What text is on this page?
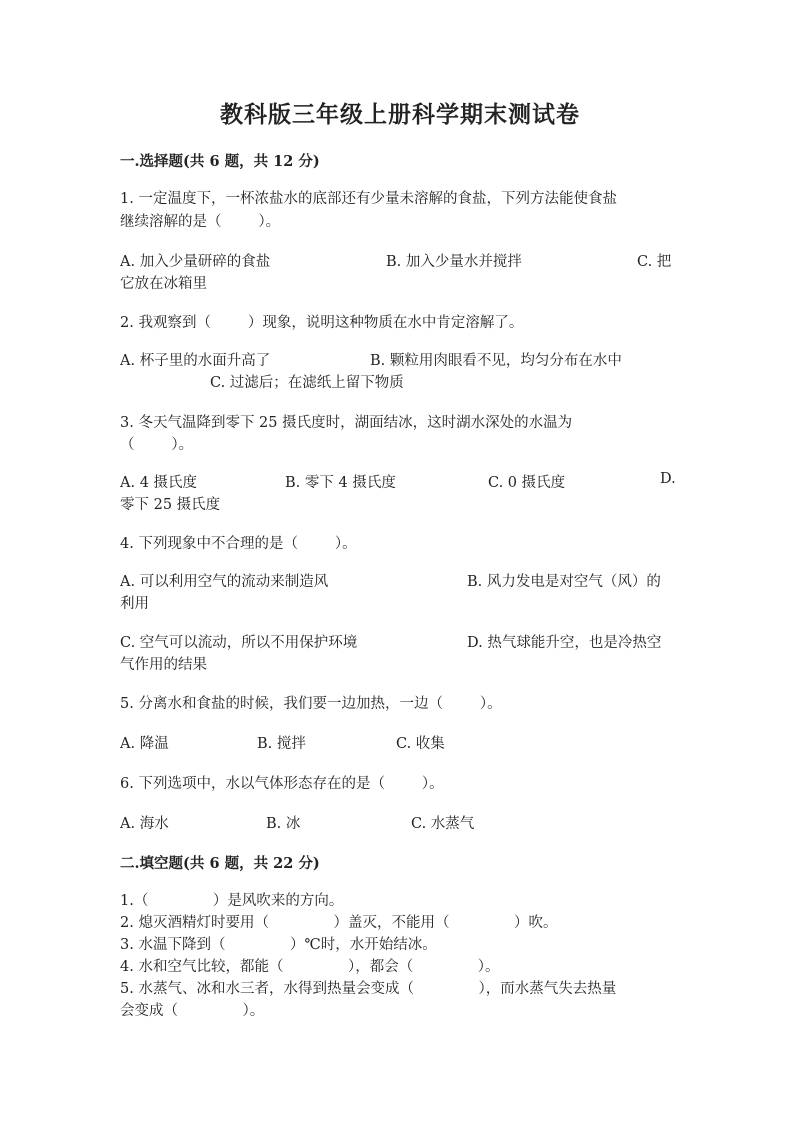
教科版三年级上册科学期末测试卷
一.选择题(共 6 题，共 12 分)
1. 一定温度下，一杯浓盐水的底部还有少量未溶解的食盐，下列方法能使食盐
继续溶解的是（        ）。
A. 加入少量研碎的食盐	B. 加入少量水并搅拌	C. 把
它放在冰箱里
2. 我观察到（        ）现象，说明这种物质在水中肯定溶解了。
A. 杯子里的水面升高了	B. 颗粒用肉眼看不见，均匀分布在水中
C. 过滤后；在滤纸上留下物质
3. 冬天气温降到零下 25 摄氏度时，湖面结冰，这时湖水深处的水温为
（        ）。
A. 4 摄氏度	B. 零下 4 摄氏度	C. 0 摄氏度	D.
零下 25 摄氏度
4. 下列现象中不合理的是（        ）。
A. 可以利用空气的流动来制造风	B. 风力发电是对空气（风）的
利用
C. 空气可以流动，所以不用保护环境	D. 热气球能升空，也是冷热空
气作用的结果
5. 分离水和食盐的时候，我们要一边加热，一边（        ）。
A. 降温	B. 搅拌	C. 收集
6. 下列选项中，水以气体形态存在的是（        ）。
A. 海水	B. 冰	C. 水蒸气
二.填空题(共 6 题，共 22 分)
1.（              ）是风吹来的方向。
2. 熄灭酒精灯时要用（              ）盖灭，不能用（              ）吹。
3. 水温下降到（              ）℃时，水开始结冰。
4. 水和空气比较，都能（              ），都会（              ）。
5. 水蒸气、冰和水三者，水得到热量会变成（              ），而水蒸气失去热量
会变成（              ）。
